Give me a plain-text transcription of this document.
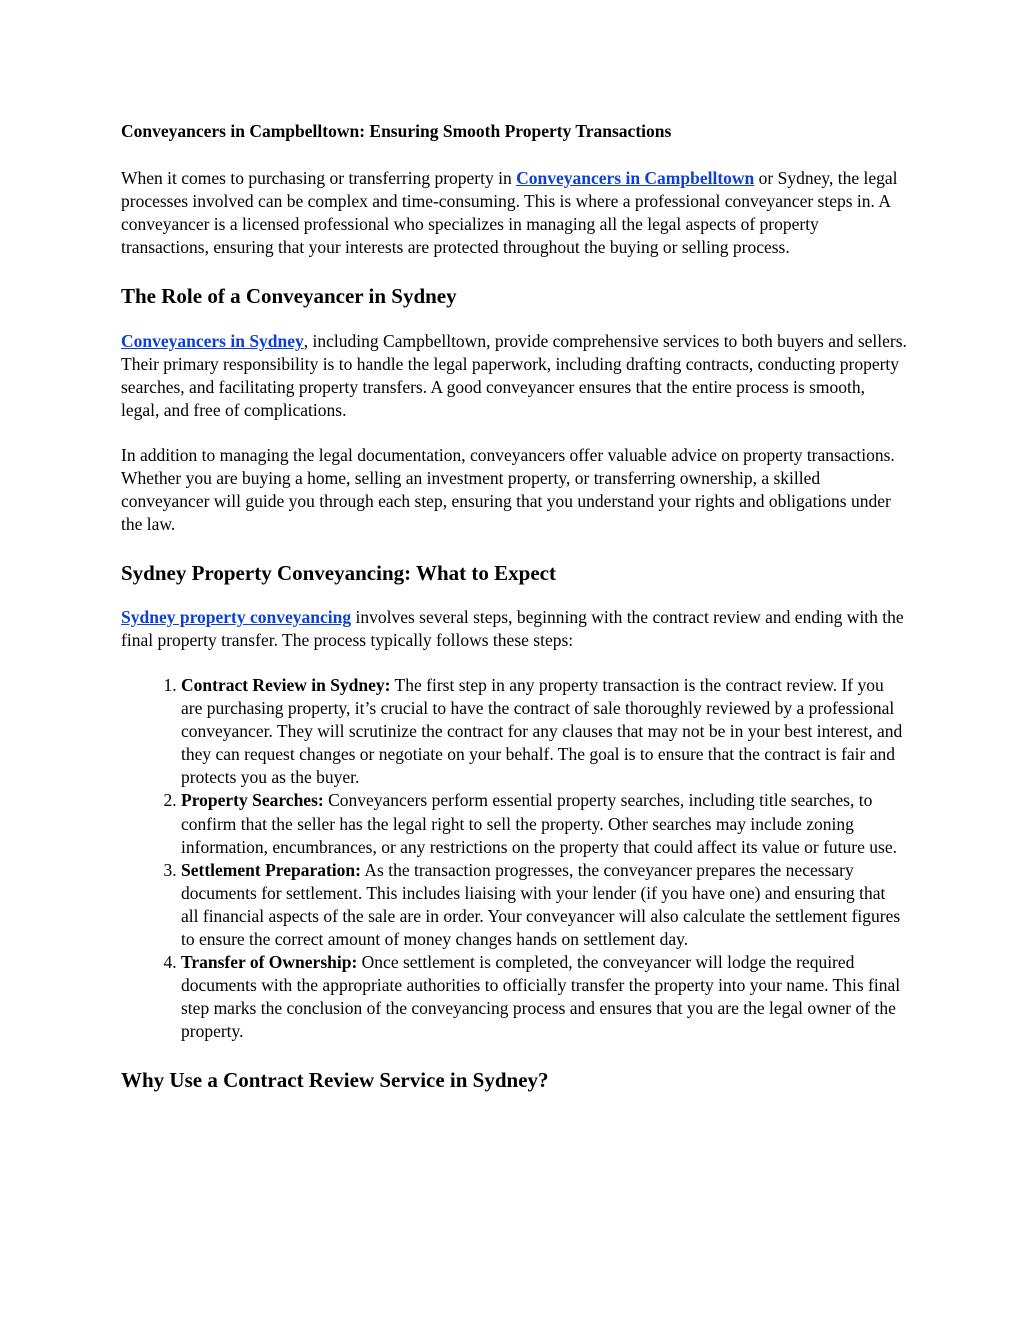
Conveyancers in Campbelltown: Ensuring Smooth Property Transactions

When it comes to purchasing or transferring property in Conveyancers in Campbelltown or Sydney, the legal processes involved can be complex and time-consuming. This is where a professional conveyancer steps in. A conveyancer is a licensed professional who specializes in managing all the legal aspects of property transactions, ensuring that your interests are protected throughout the buying or selling process.

The Role of a Conveyancer in Sydney

Conveyancers in Sydney, including Campbelltown, provide comprehensive services to both buyers and sellers. Their primary responsibility is to handle the legal paperwork, including drafting contracts, conducting property searches, and facilitating property transfers. A good conveyancer ensures that the entire process is smooth, legal, and free of complications.

In addition to managing the legal documentation, conveyancers offer valuable advice on property transactions. Whether you are buying a home, selling an investment property, or transferring ownership, a skilled conveyancer will guide you through each step, ensuring that you understand your rights and obligations under the law.

Sydney Property Conveyancing: What to Expect

Sydney property conveyancing involves several steps, beginning with the contract review and ending with the final property transfer. The process typically follows these steps:

1. Contract Review in Sydney: The first step in any property transaction is the contract review. If you are purchasing property, it’s crucial to have the contract of sale thoroughly reviewed by a professional conveyancer. They will scrutinize the contract for any clauses that may not be in your best interest, and they can request changes or negotiate on your behalf. The goal is to ensure that the contract is fair and protects you as the buyer.
2. Property Searches: Conveyancers perform essential property searches, including title searches, to confirm that the seller has the legal right to sell the property. Other searches may include zoning information, encumbrances, or any restrictions on the property that could affect its value or future use.
3. Settlement Preparation: As the transaction progresses, the conveyancer prepares the necessary documents for settlement. This includes liaising with your lender (if you have one) and ensuring that all financial aspects of the sale are in order. Your conveyancer will also calculate the settlement figures to ensure the correct amount of money changes hands on settlement day.
4. Transfer of Ownership: Once settlement is completed, the conveyancer will lodge the required documents with the appropriate authorities to officially transfer the property into your name. This final step marks the conclusion of the conveyancing process and ensures that you are the legal owner of the property.
Why Use a Contract Review Service in Sydney?
